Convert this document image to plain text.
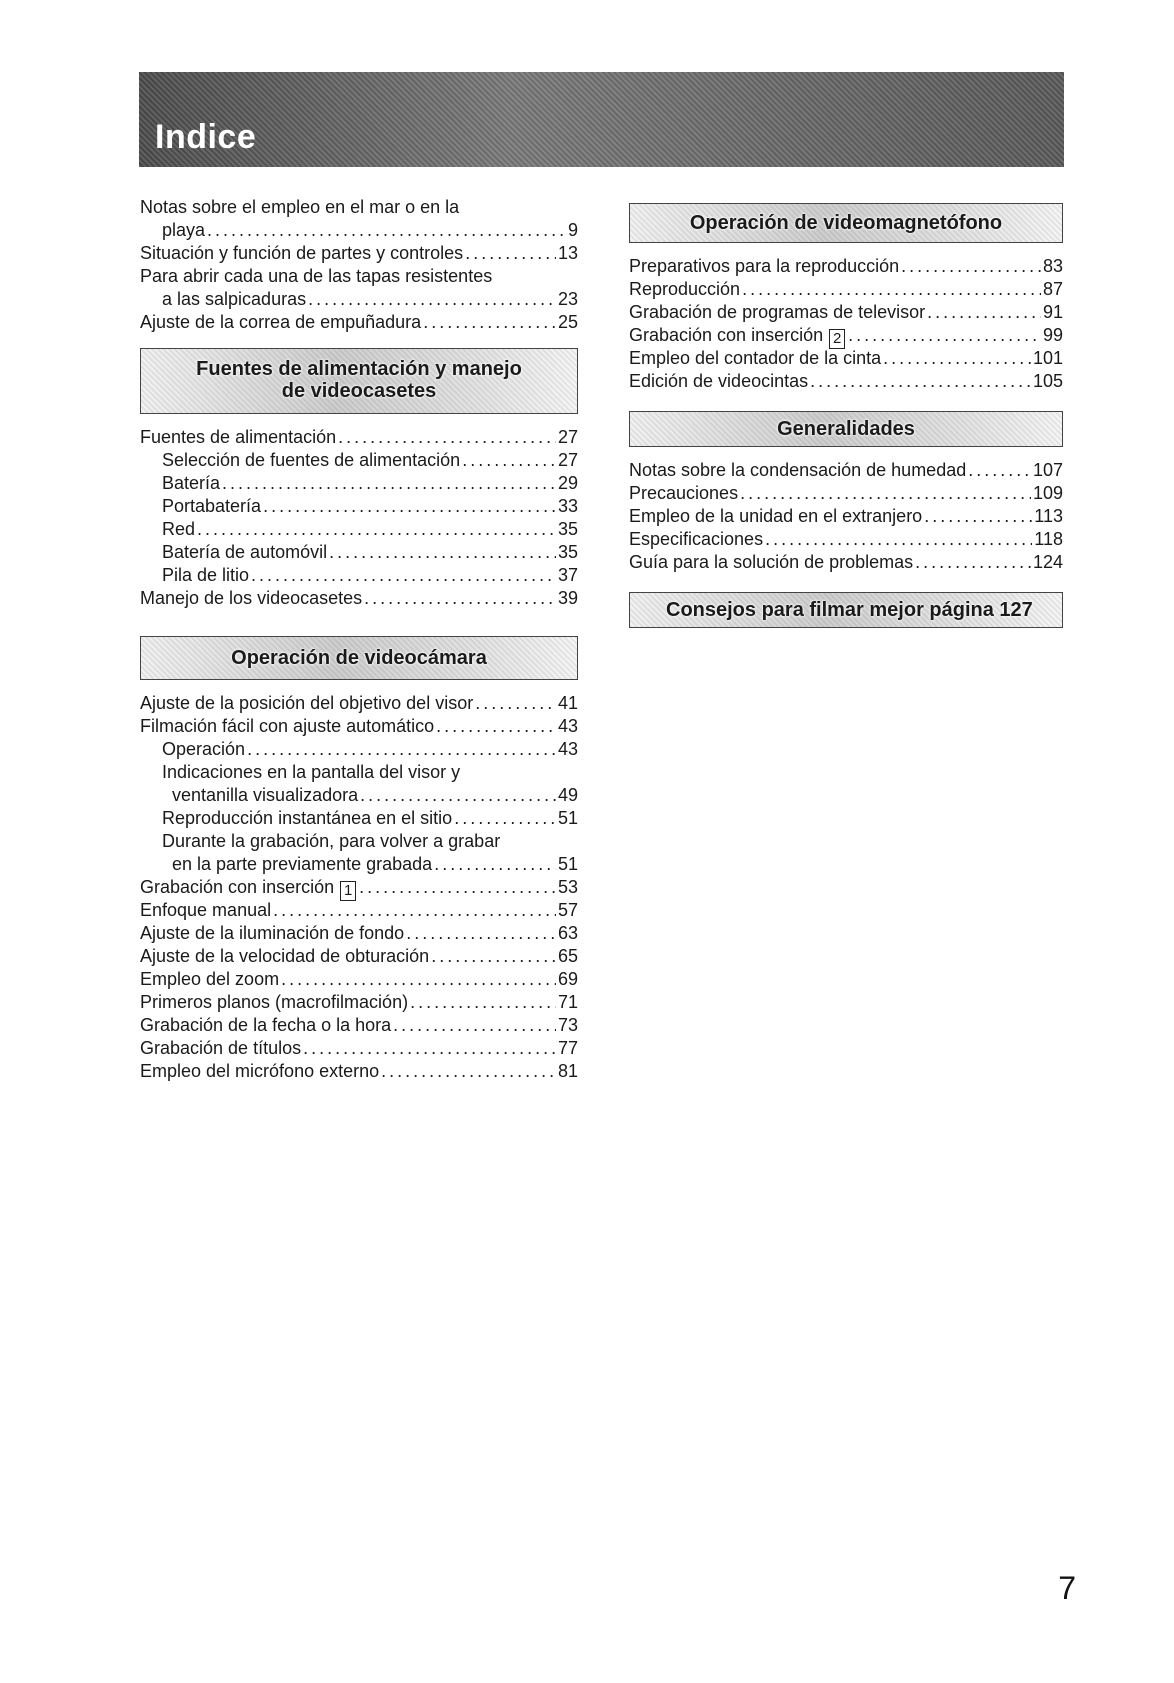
Indice
Notas sobre el empleo en el mar o en la
playa .....	9
Situación y función de partes y controles .....	13
Para abrir cada una de las tapas resistentes
a las salpicaduras .....	23
Ajuste de la correa de empuñadura .....	25
Fuentes de alimentación y manejo
de videocasetes
Fuentes de alimentación .....	27
Selección de fuentes de alimentación .....	27
Batería .....	29
Portabatería .....	33
Red .....	35
Batería de automóvil .....	35
Pila de litio .....	37
Manejo de los videocasetes .....	39
Operación de videocámara
Ajuste de la posición del objetivo del visor .....	41
Filmación fácil con ajuste automático .....	43
Operación .....	43
Indicaciones en la pantalla del visor y
ventanilla visualizadora .....	49
Reproducción instantánea en el sitio .....	51
Durante la grabación, para volver a grabar
en la parte previamente grabada .....	51
Grabación con inserción 1 .....	53
Enfoque manual .....	57
Ajuste de la iluminación de fondo .....	63
Ajuste de la velocidad de obturación .....	65
Empleo del zoom .....	69
Primeros planos (macrofilmación) .....	71
Grabación de la fecha o la hora .....	73
Grabación de títulos .....	77
Empleo del micrófono externo .....	81
Operación de videomagnetófono
Preparativos para la reproducción .....	83
Reproducción .....	87
Grabación de programas de televisor .....	91
Grabación con inserción 2 .....	99
Empleo del contador de la cinta .....	101
Edición de videocintas .....	105
Generalidades
Notas sobre la condensación de humedad .....	107
Precauciones .....	109
Empleo de la unidad en el extranjero .....	113
Especificaciones .....	118
Guía para la solución de problemas .....	124
Consejos para filmar mejor página 127
7
